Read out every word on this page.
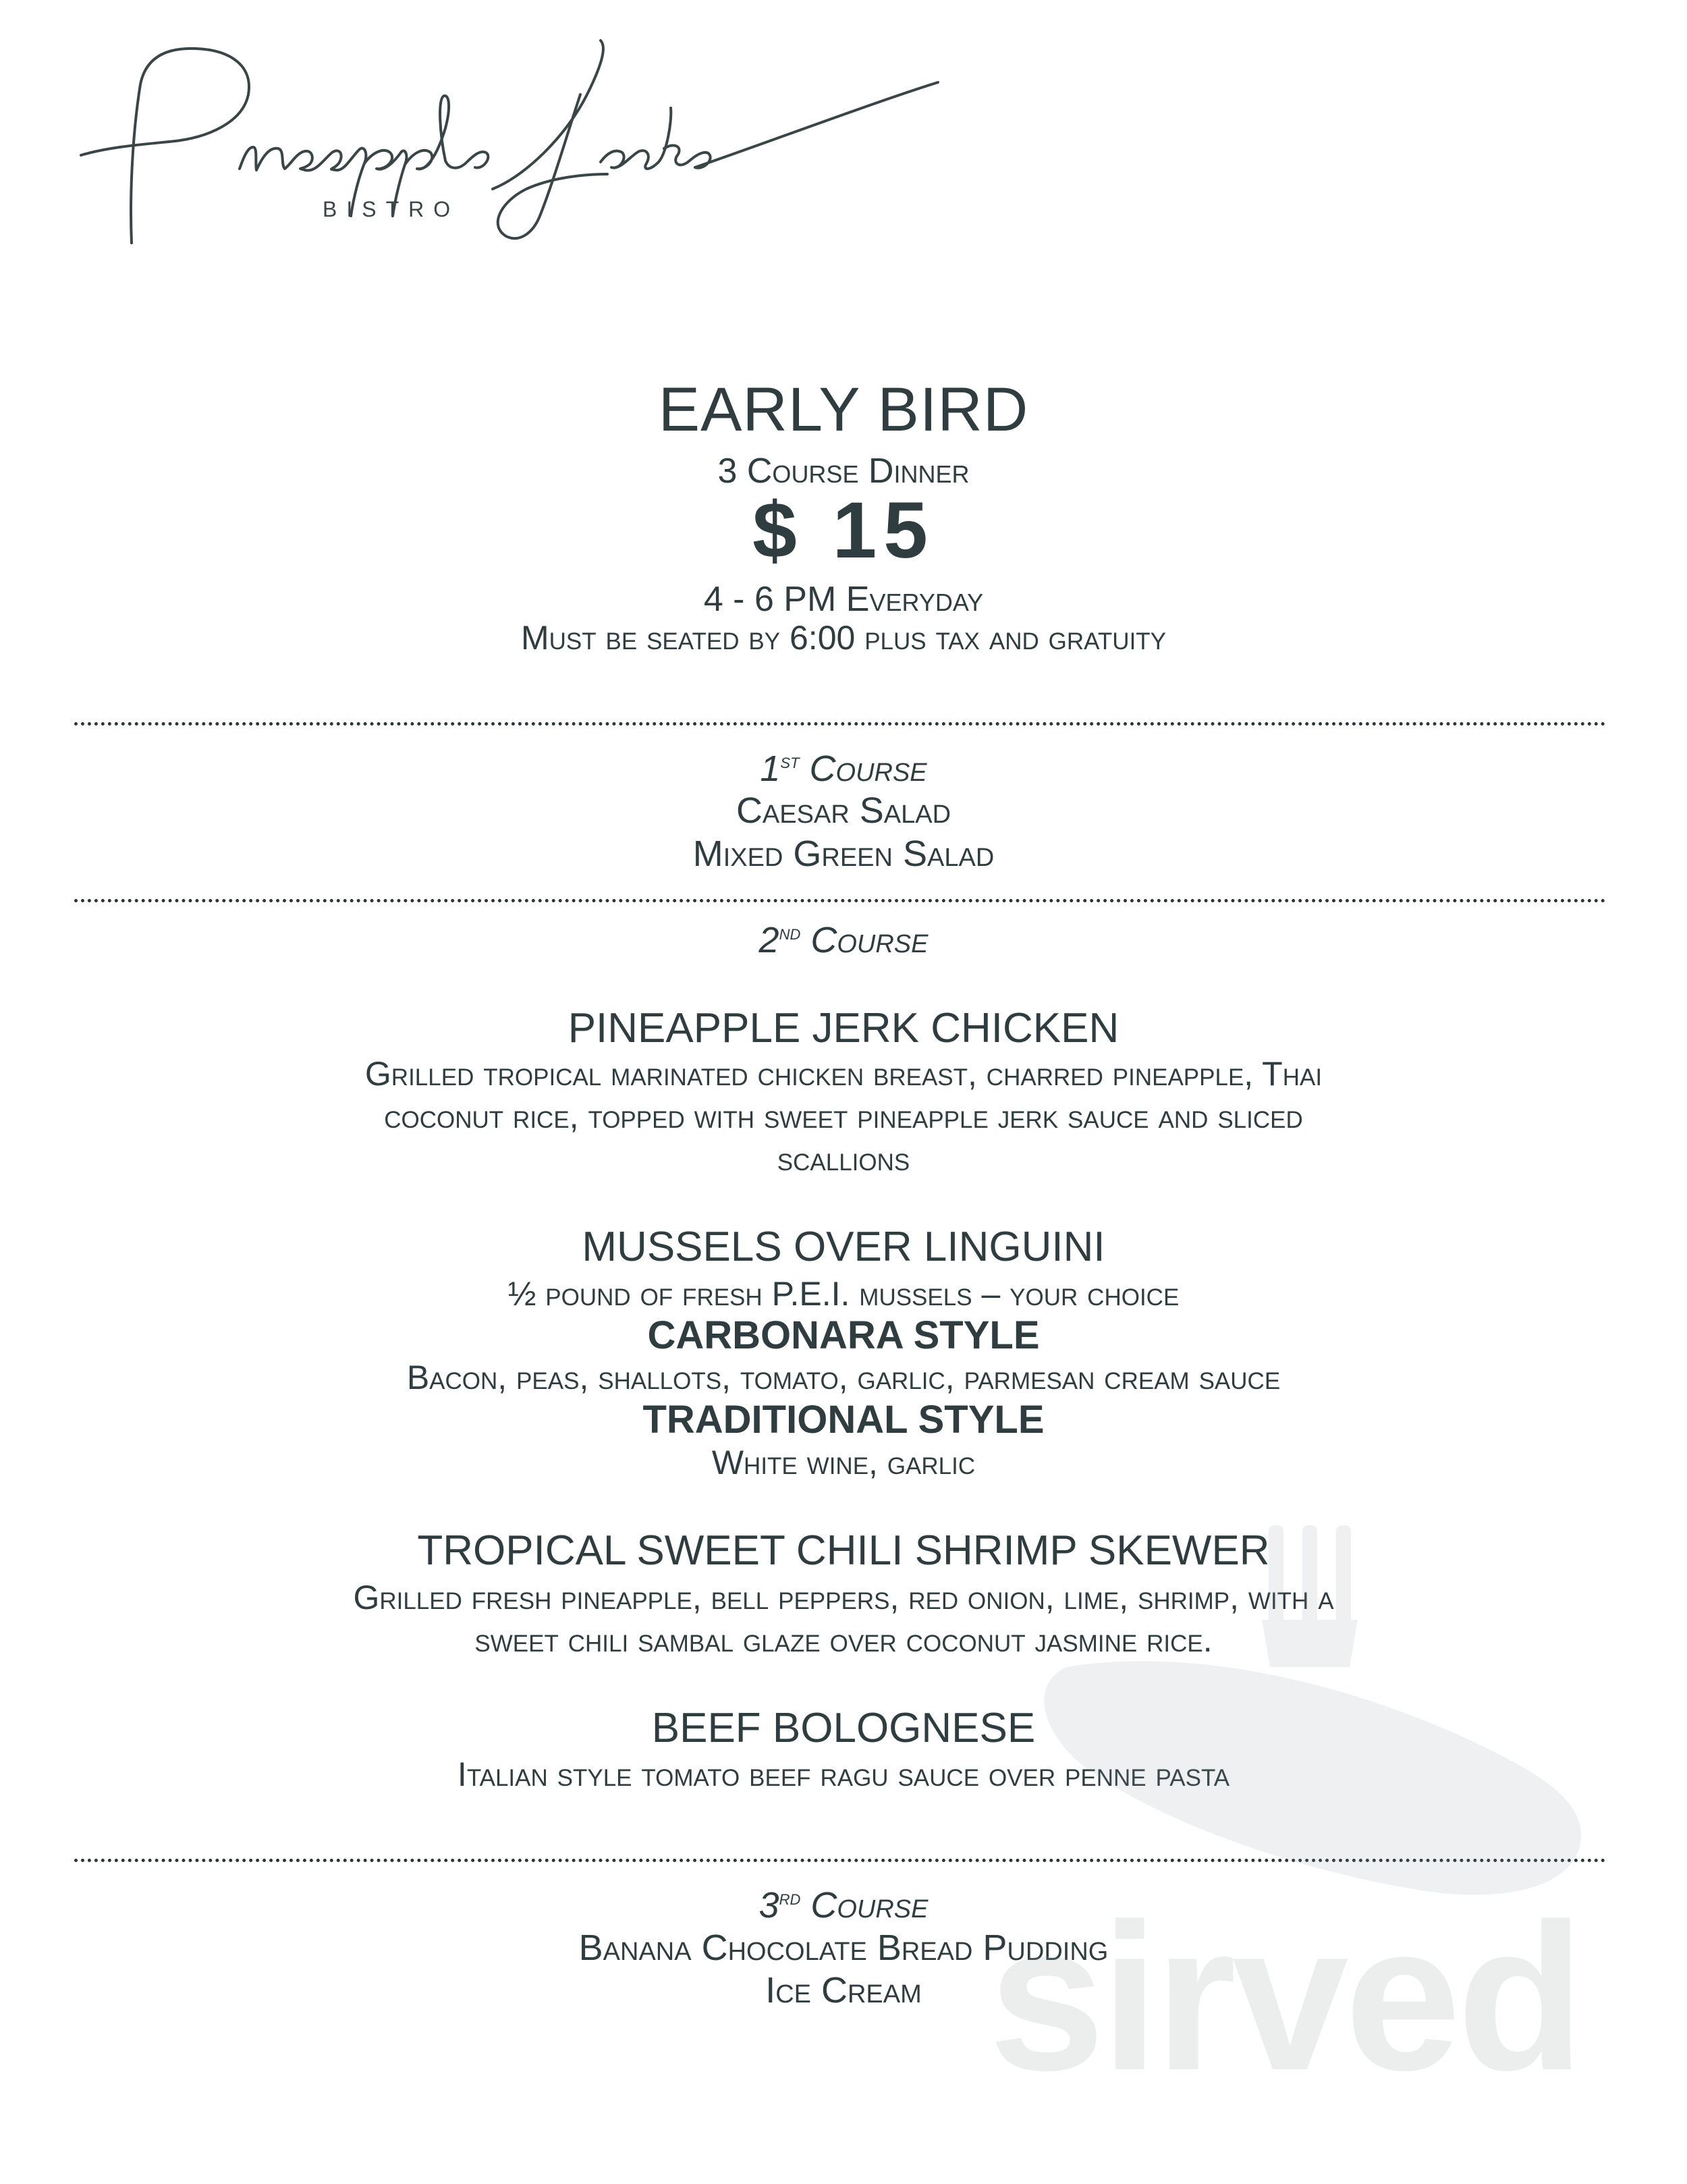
BISTRO
EARLY BIRD
3 Course Dinner
$ 15
4 - 6 PM Everyday
Must be seated by 6:00 plus tax and gratuity
1st Course
Caesar Salad
Mixed Green Salad
2nd Course
PINEAPPLE JERK CHICKEN
Grilled tropical marinated chicken breast, charred pineapple, Thai
coconut rice, topped with sweet pineapple jerk sauce and sliced
scallions
MUSSELS OVER LINGUINI
½ pound of fresh P.E.I. mussels – your choice
CARBONARA STYLE
Bacon, peas, shallots, tomato, garlic, parmesan cream sauce
TRADITIONAL STYLE
White wine, garlic
TROPICAL SWEET CHILI SHRIMP SKEWER
Grilled fresh pineapple, bell peppers, red onion, lime, shrimp, with a
sweet chili sambal glaze over coconut jasmine rice.
BEEF BOLOGNESE
Italian style tomato beef ragu sauce over penne pasta
3rd Course
Banana Chocolate Bread Pudding
Ice Cream sirved
